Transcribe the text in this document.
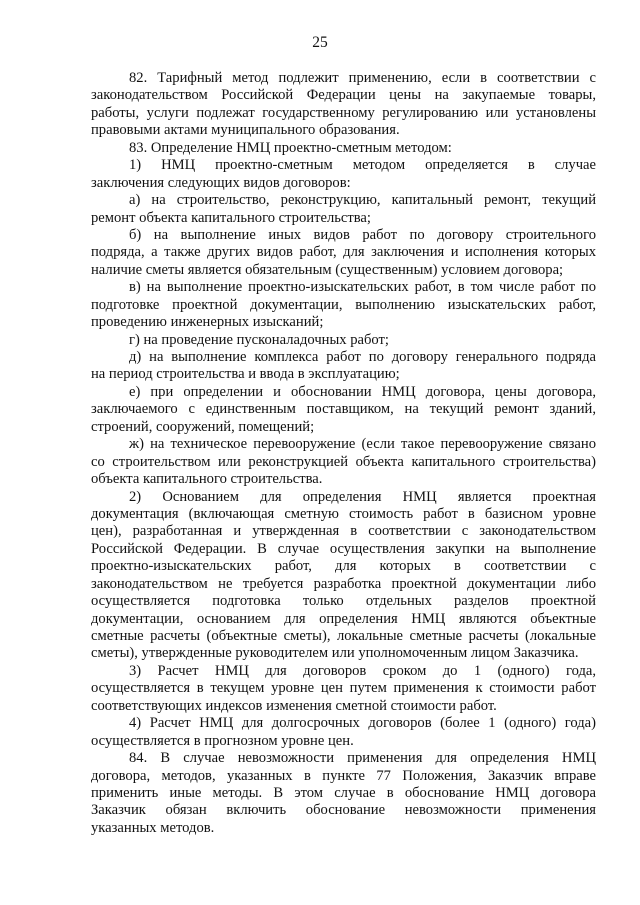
25
82. Тарифный метод подлежит применению, если в соответствии с
законодательством Российской Федерации цены на закупаемые товары,
работы, услуги подлежат государственному регулированию или установлены
правовыми актами муниципального образования.
83. Определение НМЦ проектно-сметным методом:
1) НМЦ проектно-сметным методом определяется в случае
заключения следующих видов договоров:
а) на строительство, реконструкцию, капитальный ремонт, текущий
ремонт объекта капитального строительства;
б) на выполнение иных видов работ по договору строительного
подряда, а также других видов работ, для заключения и исполнения которых
наличие сметы является обязательным (существенным) условием договора;
в) на выполнение проектно-изыскательских работ, в том числе работ по
подготовке проектной документации, выполнению изыскательских работ,
проведению инженерных изысканий;
г) на проведение пусконаладочных работ;
д) на выполнение комплекса работ по договору генерального подряда
на период строительства и ввода в эксплуатацию;
е) при определении и обосновании НМЦ договора, цены договора,
заключаемого с единственным поставщиком, на текущий ремонт зданий,
строений, сооружений, помещений;
ж) на техническое перевооружение (если такое перевооружение связано
со строительством или реконструкцией объекта капитального строительства)
объекта капитального строительства.
2) Основанием для определения НМЦ является проектная
документация (включающая сметную стоимость работ в базисном уровне
цен), разработанная и утвержденная в соответствии с законодательством
Российской Федерации. В случае осуществления закупки на выполнение
проектно-изыскательских работ, для которых в соответствии с
законодательством не требуется разработка проектной документации либо
осуществляется подготовка только отдельных разделов проектной
документации, основанием для определения НМЦ являются объектные
сметные расчеты (объектные сметы), локальные сметные расчеты (локальные
сметы), утвержденные руководителем или уполномоченным лицом Заказчика.
3) Расчет НМЦ для договоров сроком до 1 (одного) года,
осуществляется в текущем уровне цен путем применения к стоимости работ
соответствующих индексов изменения сметной стоимости работ.
4) Расчет НМЦ для долгосрочных договоров (более 1 (одного) года)
осуществляется в прогнозном уровне цен.
84. В случае невозможности применения для определения НМЦ
договора, методов, указанных в пункте 77 Положения, Заказчик вправе
применить иные методы. В этом случае в обоснование НМЦ договора
Заказчик обязан включить обоснование невозможности применения
указанных методов.
